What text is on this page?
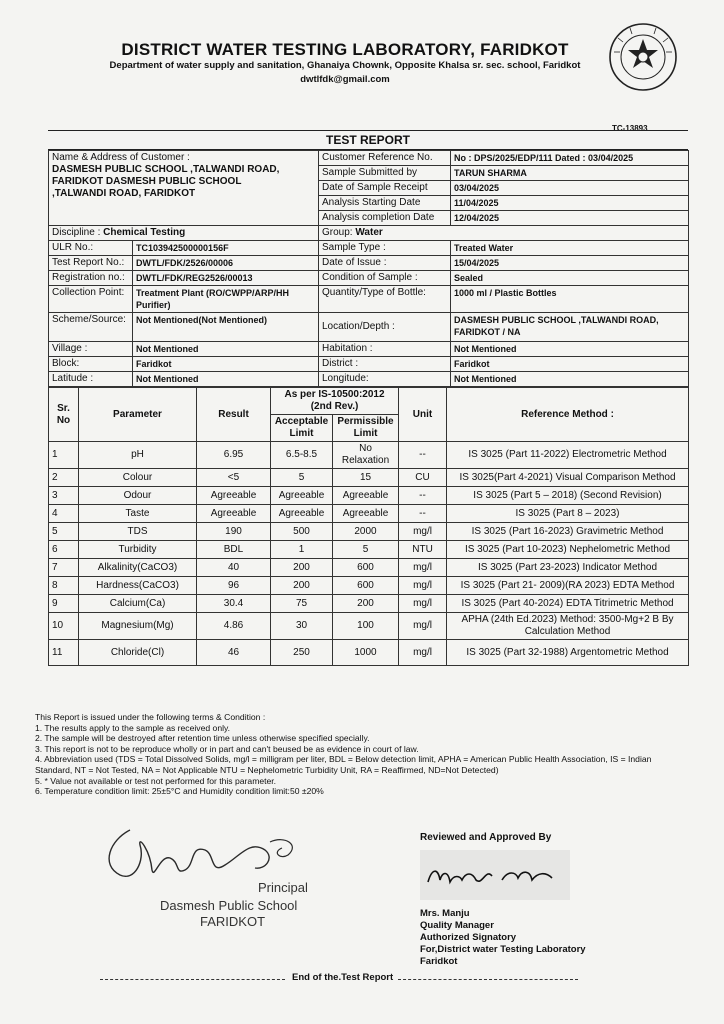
DISTRICT WATER TESTING LABORATORY, FARIDKOT
Department of water supply and sanitation, Ghanaiya Chownk, Opposite Khalsa sr. sec. school, Faridkot
dwtlfdk@gmail.com
TC-13893
TEST REPORT
Name & Address of Customer :
DASMESH PUBLIC SCHOOL ,TALWANDI ROAD, FARIDKOT DASMESH PUBLIC SCHOOL ,TALWANDI ROAD, FARIDKOT		Customer Reference No.	No : DPS/2025/EDP/111 Dated : 03/04/2025
		Sample Submitted by	TARUN SHARMA
		Date of Sample Receipt	03/04/2025
		Analysis Starting Date	11/04/2025
		Analysis completion Date	12/04/2025
Discipline : Chemical Testing		Group: Water	
ULR No.:	TC103942500000156F	Sample Type :	Treated Water
Test Report No.:	DWTL/FDK/2526/00006	Date of Issue :	15/04/2025
Registration no.:	DWTL/FDK/REG2526/00013	Condition of Sample :	Sealed
Collection Point:	Treatment Plant (RO/CWPP/ARP/HH Purifier)	Quantity/Type of Bottle:	1000 ml / Plastic Bottles
Scheme/Source:	Not Mentioned(Not Mentioned)	Location/Depth :	DASMESH PUBLIC SCHOOL ,TALWANDI ROAD, FARIDKOT / NA
Village :	Not Mentioned	Habitation :	Not Mentioned
Block:	Faridkot	District :	Faridkot
Latitude :	Not Mentioned	Longitude:	Not Mentioned
Sr. No	Parameter	Result	As per IS-10500:2012 (2nd Rev.)		Unit	Reference Method :
			Acceptable Limit	Permissible Limit		
1	pH	6.95	6.5-8.5	No Relaxation	--	IS 3025 (Part 11-2022) Electrometric Method
2	Colour	<5	5	15	CU	IS 3025(Part 4-2021) Visual Comparison Method
3	Odour	Agreeable	Agreeable	Agreeable	--	IS 3025 (Part 5 – 2018) (Second Revision)
4	Taste	Agreeable	Agreeable	Agreeable	--	IS 3025 (Part 8 – 2023)
5	TDS	190	500	2000	mg/l	IS 3025 (Part 16-2023) Gravimetric Method
6	Turbidity	BDL	1	5	NTU	IS 3025 (Part 10-2023) Nephelometric Method
7	Alkalinity(CaCO3)	40	200	600	mg/l	IS 3025 (Part 23-2023) Indicator Method
8	Hardness(CaCO3)	96	200	600	mg/l	IS 3025 (Part 21- 2009)(RA 2023) EDTA Method
9	Calcium(Ca)	30.4	75	200	mg/l	IS 3025 (Part 40-2024) EDTA Titrimetric Method
10	Magnesium(Mg)	4.86	30	100	mg/l	APHA (24th Ed.2023) Method: 3500-Mg+2 B By Calculation Method
11	Chloride(Cl)	46	250	1000	mg/l	IS 3025 (Part 32-1988) Argentometric Method

This Report is issued under the following terms & Condition :

1. The results apply to the sample as received only.

2. The sample will be destroyed after retention time unless otherwise specified specially.

3. This report is not to be reproduce wholly or in part and can't beused be as evidence in court of law.

4. Abbreviation used (TDS = Total Dissolved Solids, mg/l = milligram per liter, BDL = Below detection limit, APHA = American Public Health Association, IS = Indian Standard, NT = Not Tested, NA = Not Applicable NTU = Nephelometric Turbidity Unit, RA = Reaffirmed, ND=Not Detected)

5. * Value not available or test not performed for this parameter.

6. Temperature condition limit: 25±5°C and Humidity condition limit:50 ±20%

Principal
Dasmesh Public School
FARIDKOT
Reviewed and Approved By
Mrs. Manju
Quality Manager
Authorized Signatory
For,District water Testing Laboratory
Faridkot
End of the.Test Report
